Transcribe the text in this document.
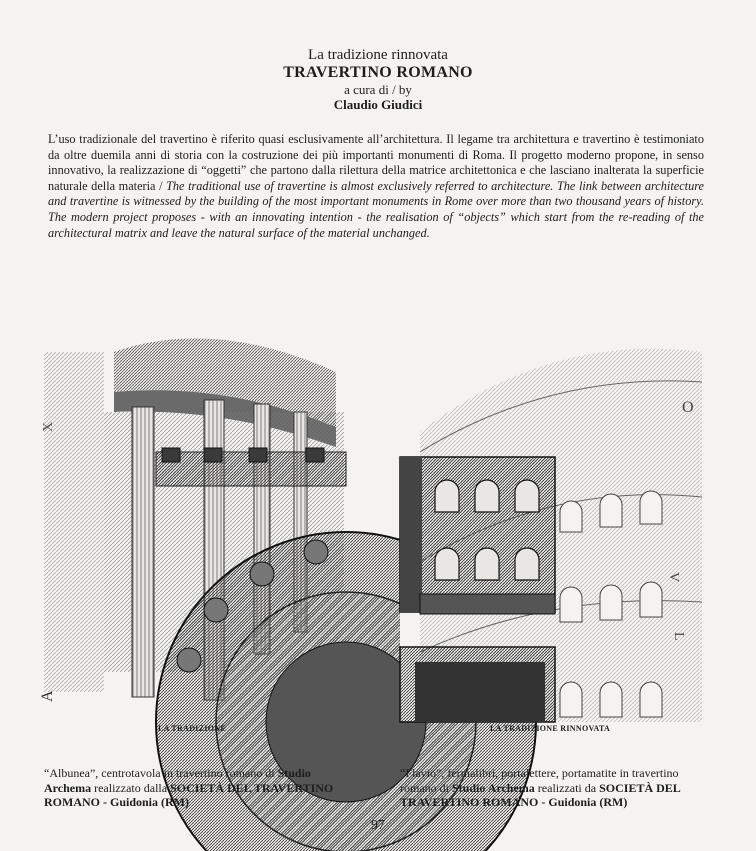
La tradizione rinnovata
TRAVERTINO ROMANO
a cura di / by
Claudio Giudici
L’uso tradizionale del travertino è riferito quasi esclusivamente all’architettura. Il legame tra architettura e travertino è testimoniato da oltre duemila anni di storia con la costruzione dei più importanti monumenti di Roma. Il progetto moderno propone, in senso innovativo, la realizzazione di “oggetti” che partono dalla rilettura della matrice architettonica e che lasciano inalterata la superficie naturale della materia / The traditional use of travertine is almost exclusively referred to architecture. The link between architecture and travertine is witnessed by the building of the most important monuments in Rome over more than two thousand years of history. The modern project proposes - with an innovating intention - the realisation of “objects” which start from the re-reading of the architectural matrix and leave the natural surface of the material unchanged.
X
A
LA TRADIZIONE
O
V
L
LA TRADIZIONE RINNOVATA
“Albunea”, centrotavola in travertino romano di Studio Archema realizzato dalla SOCIETÀ DEL TRAVERTINO ROMANO - Guidonia (RM)
“Flavio”, fermalibri, portalettere, portamatite in travertino romano di Studio Archema realizzati da SOCIETÀ DEL TRAVERTINO ROMANO - Guidonia (RM)
97
